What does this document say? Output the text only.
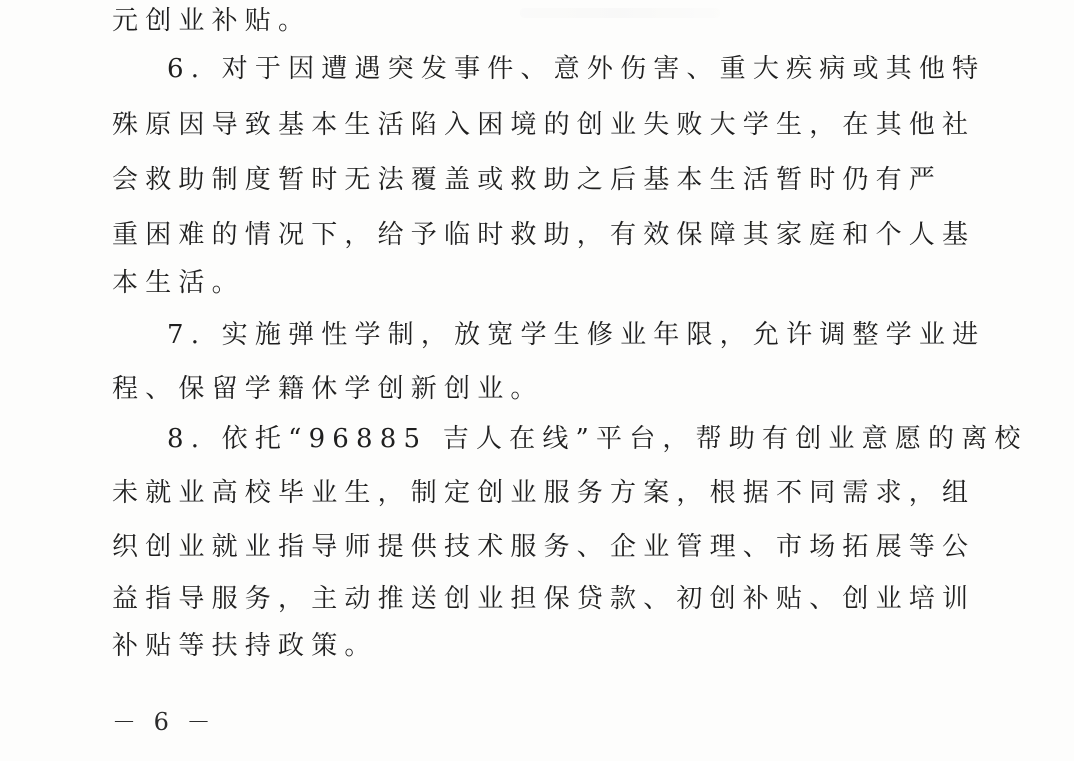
元创业补贴。
6. 对于因遭遇突发事件、意外伤害、重大疾病或其他特
殊原因导致基本生活陷入困境的创业失败大学生，在其他社
会救助制度暂时无法覆盖或救助之后基本生活暂时仍有严
重困难的情况下，给予临时救助，有效保障其家庭和个人基
本生活。
7. 实施弹性学制，放宽学生修业年限，允许调整学业进
程、保留学籍休学创新创业。
8. 依托“96885 吉人在线”平台，帮助有创业意愿的离校
未就业高校毕业生，制定创业服务方案，根据不同需求，组
织创业就业指导师提供技术服务、企业管理、市场拓展等公
益指导服务，主动推送创业担保贷款、初创补贴、创业培训
补贴等扶持政策。
－ 6 －
